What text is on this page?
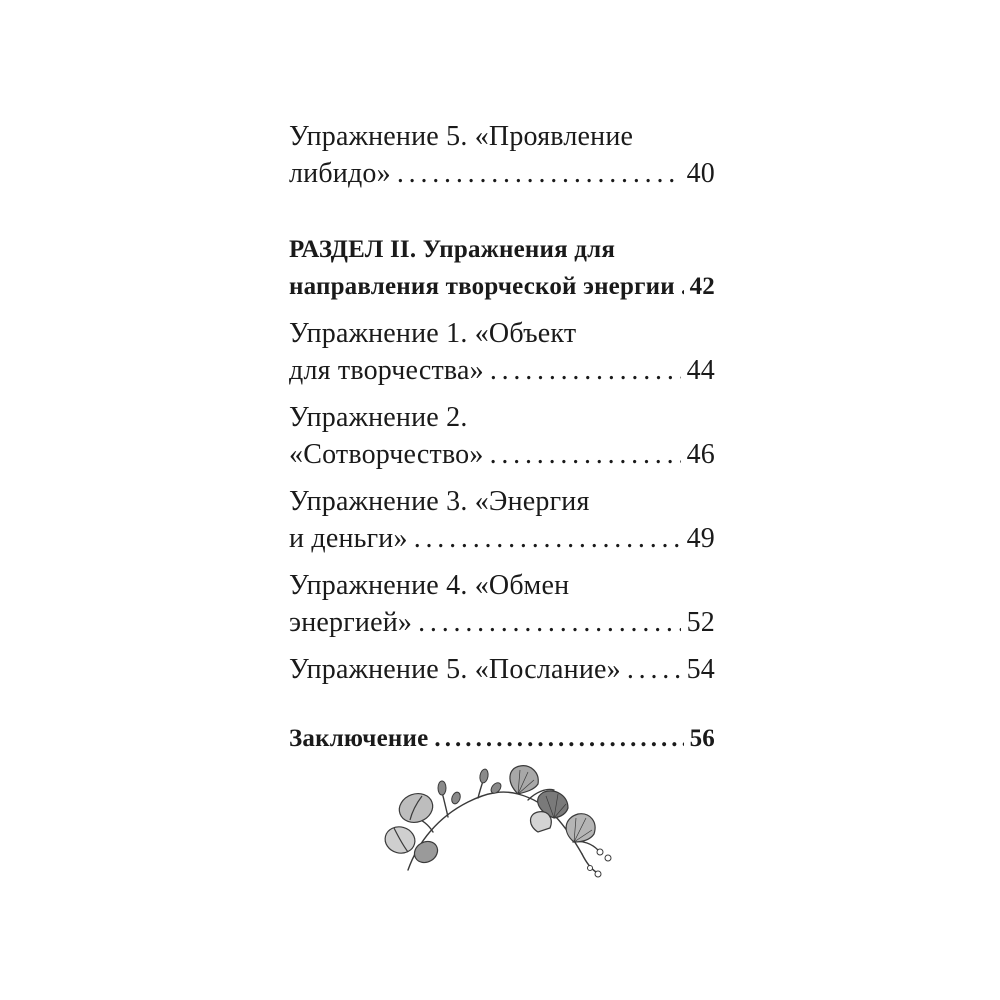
Упражнение 5. «Проявление
либидо» . . .	40
РАЗДЕЛ II. Упражнения для
направления творческой энергии . . . 42
Упражнение 1. «Объект
для творчества» . . .	44
Упражнение 2.
«Сотворчество» . . .	46
Упражнение 3. «Энергия
и деньги» . . .	49
Упражнение 4. «Обмен
энергией» . . .	52
Упражнение 5. «Послание» . . . 54
Заключение . . .	56
